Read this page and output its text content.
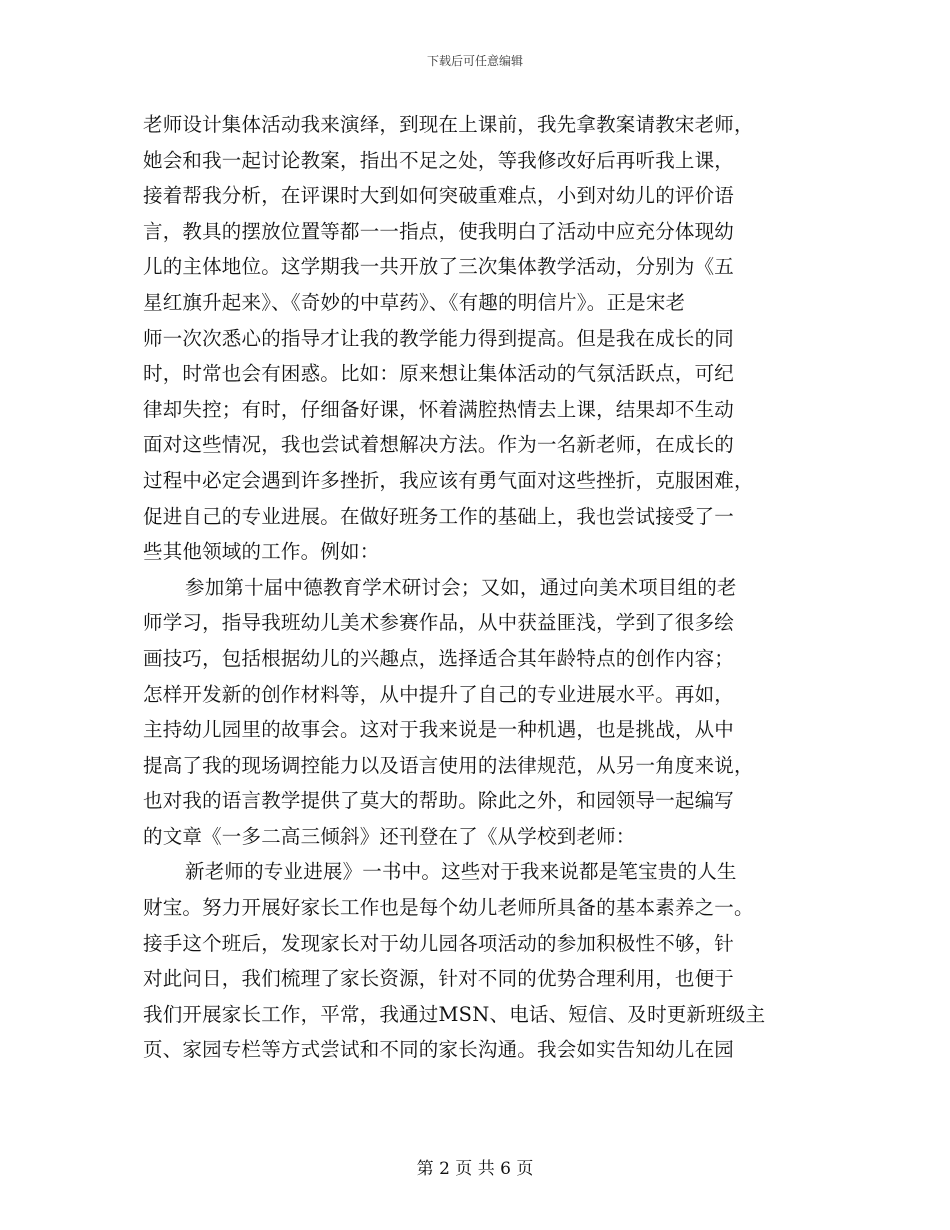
下载后可任意编辑
老师设计集体活动我来演绎，到现在上课前，我先拿教案请教宋老师，
她会和我一起讨论教案，指出不足之处，等我修改好后再听我上课，
接着帮我分析，在评课时大到如何突破重难点，小到对幼儿的评价语
言，教具的摆放位置等都一一指点，使我明白了活动中应充分体现幼
儿的主体地位。这学期我一共开放了三次集体教学活动，分别为《五
星红旗升起来》、《奇妙的中草药》、《有趣的明信片》。正是宋老
师一次次悉心的指导才让我的教学能力得到提高。但是我在成长的同
时，时常也会有困惑。比如：原来想让集体活动的气氛活跃点，可纪
律却失控；有时，仔细备好课，怀着满腔热情去上课，结果却不生动
面对这些情况，我也尝试着想解决方法。作为一名新老师，在成长的
过程中必定会遇到许多挫折，我应该有勇气面对这些挫折，克服困难，
促进自己的专业进展。在做好班务工作的基础上，我也尝试接受了一
些其他领域的工作。例如：
参加第十届中德教育学术研讨会；又如，通过向美术项目组的老
师学习，指导我班幼儿美术参赛作品，从中获益匪浅，学到了很多绘
画技巧，包括根据幼儿的兴趣点，选择适合其年龄特点的创作内容；
怎样开发新的创作材料等，从中提升了自己的专业进展水平。再如，
主持幼儿园里的故事会。这对于我来说是一种机遇，也是挑战，从中
提高了我的现场调控能力以及语言使用的法律规范，从另一角度来说，
也对我的语言教学提供了莫大的帮助。除此之外，和园领导一起编写
的文章《一多二高三倾斜》还刊登在了《从学校到老师：
新老师的专业进展》一书中。这些对于我来说都是笔宝贵的人生
财宝。努力开展好家长工作也是每个幼儿老师所具备的基本素养之一。
接手这个班后，发现家长对于幼儿园各项活动的参加积极性不够，针
对此问日，我们梳理了家长资源，针对不同的优势合理利用，也便于
我们开展家长工作，平常，我通过MSN、电话、短信、及时更新班级主
页、家园专栏等方式尝试和不同的家长沟通。我会如实告知幼儿在园
第 2 页 共 6 页
